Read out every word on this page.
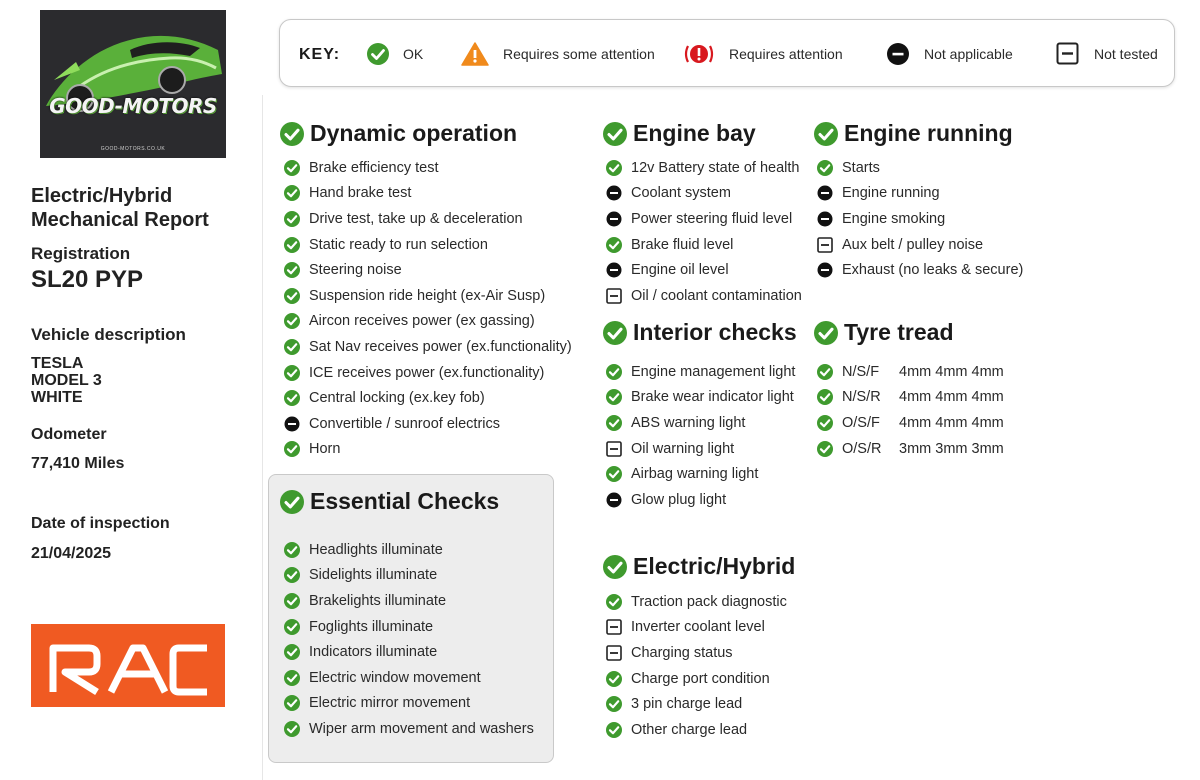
GOOD-MOTORS
GOOD-MOTORS.CO.UK
Electric/Hybrid
Mechanical Report
Registration
SL20 PYP
Vehicle description
TESLA
MODEL 3
WHITE
Odometer
77,410 Miles
Date of inspection
21/04/2025
KEY:	OK	Requires some attention	Requires attention	Not applicable	Not tested
Dynamic operation
Brake efficiency test
Hand brake test
Drive test, take up & deceleration
Static ready to run selection
Steering noise
Suspension ride height (ex-Air Susp)
Aircon receives power (ex gassing)
Sat Nav receives power (ex.functionality)
ICE receives power (ex.functionality)
Central locking (ex.key fob)
Convertible / sunroof electrics
Horn
Essential Checks
Headlights illuminate
Sidelights illuminate
Brakelights illuminate
Foglights illuminate
Indicators illuminate
Electric window movement
Electric mirror movement
Wiper arm movement and washers
Engine bay
12v Battery state of health
Coolant system
Power steering fluid level
Brake fluid level
Engine oil level
Oil / coolant contamination
Engine running
Starts
Engine running
Engine smoking
Aux belt / pulley noise
Exhaust (no leaks & secure)
Interior checks
Engine management light
Brake wear indicator light
ABS warning light
Oil warning light
Airbag warning light
Glow plug light
Tyre tread
N/S/F 4mm 4mm 4mm
N/S/R 4mm 4mm 4mm
O/S/F 4mm 4mm 4mm
O/S/R 3mm 3mm 3mm
Electric/Hybrid
Traction pack diagnostic
Inverter coolant level
Charging status
Charge port condition
3 pin charge lead
Other charge lead
